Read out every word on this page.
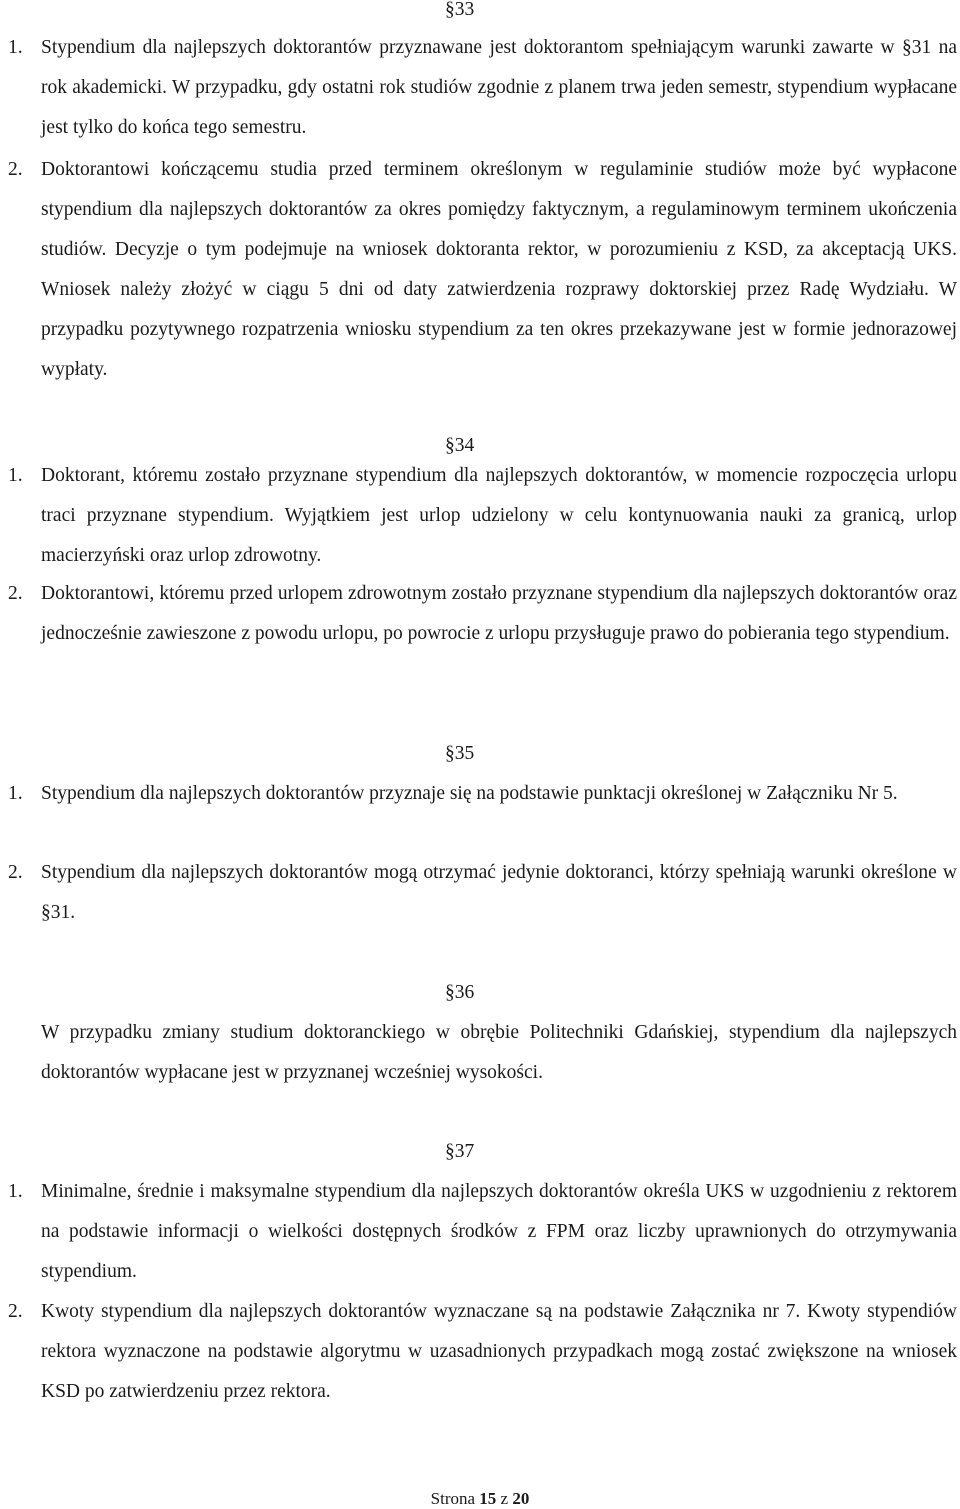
§33
1. Stypendium dla najlepszych doktorantów przyznawane jest doktorantom spełniającym warunki zawarte w §31 na rok akademicki. W przypadku, gdy ostatni rok studiów zgodnie z planem trwa jeden semestr, stypendium wypłacane jest tylko do końca tego semestru.
2. Doktorantowi kończącemu studia przed terminem określonym w regulaminie studiów może być wypłacone stypendium dla najlepszych doktorantów za okres pomiędzy faktycznym, a regulaminowym terminem ukończenia studiów. Decyzje o tym podejmuje na wniosek doktoranta rektor, w porozumieniu z KSD, za akceptacją UKS. Wniosek należy złożyć w ciągu 5 dni od daty zatwierdzenia rozprawy doktorskiej przez Radę Wydziału. W przypadku pozytywnego rozpatrzenia wniosku stypendium za ten okres przekazywane jest w formie jednorazowej wypłaty.
§34
1. Doktorant, któremu zostało przyznane stypendium dla najlepszych doktorantów, w momencie rozpoczęcia urlopu traci przyznane stypendium. Wyjątkiem jest urlop udzielony w celu kontynuowania nauki za granicą, urlop macierzyński oraz urlop zdrowotny.
2. Doktorantowi, któremu przed urlopem zdrowotnym zostało przyznane stypendium dla najlepszych doktorantów oraz jednocześnie zawieszone z powodu urlopu, po powrocie z urlopu przysługuje prawo do pobierania tego stypendium.
§35
1. Stypendium dla najlepszych doktorantów przyznaje się na podstawie punktacji określonej w Załączniku Nr 5.
2. Stypendium dla najlepszych doktorantów mogą otrzymać jedynie doktoranci, którzy spełniają warunki określone w §31.
§36
W przypadku zmiany studium doktoranckiego w obrębie Politechniki Gdańskiej, stypendium dla najlepszych doktorantów wypłacane jest w przyznanej wcześniej wysokości.
§37
1. Minimalne, średnie i maksymalne stypendium dla najlepszych doktorantów określa UKS w uzgodnieniu z rektorem na podstawie informacji o wielkości dostępnych środków z FPM oraz liczby uprawnionych do otrzymywania stypendium.
2. Kwoty stypendium dla najlepszych doktorantów wyznaczane są na podstawie Załącznika nr 7. Kwoty stypendiów rektora wyznaczone na podstawie algorytmu w uzasadnionych przypadkach mogą zostać zwiększone na wniosek KSD po zatwierdzeniu przez rektora.
Strona 15 z 20
